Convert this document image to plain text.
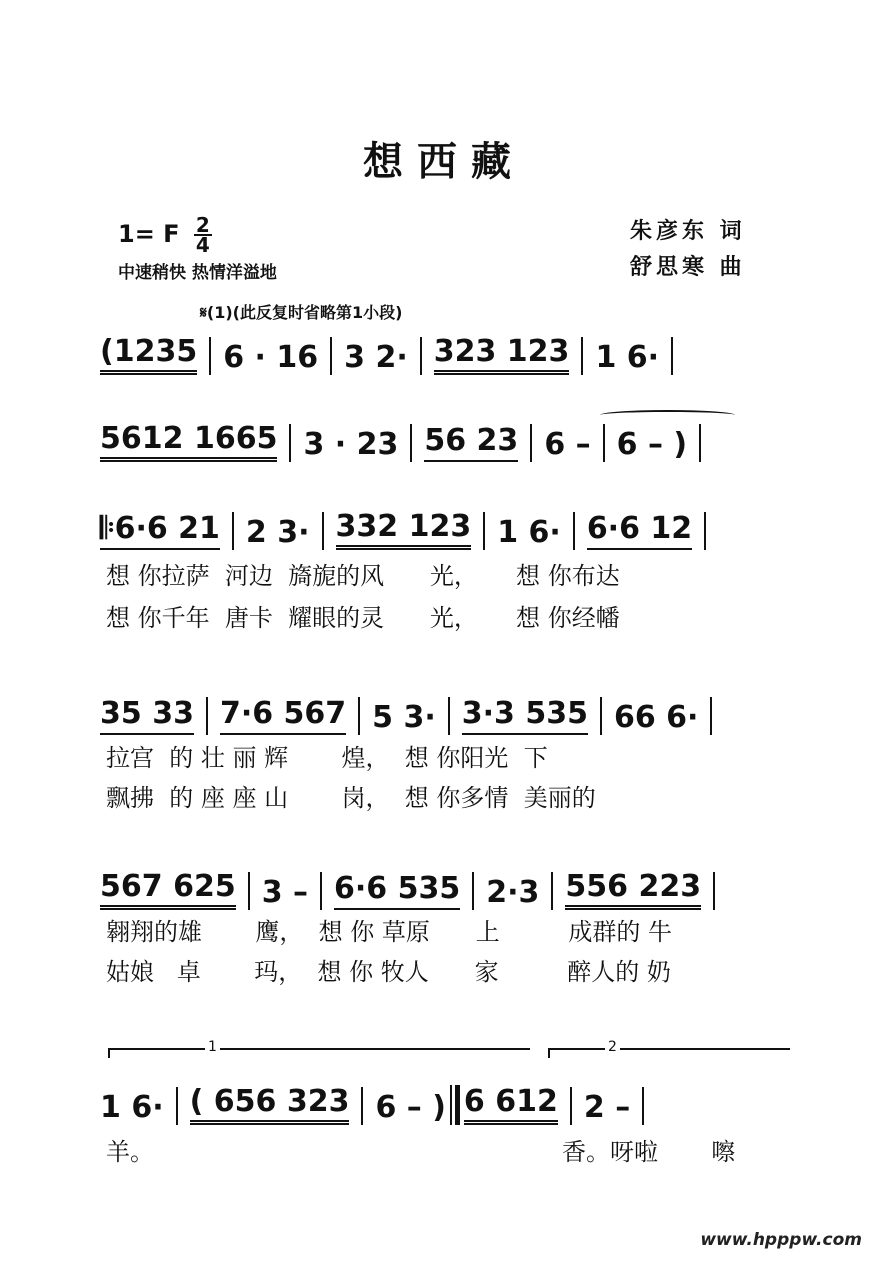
想西藏
1= F $\frac{2}{4}$
中速稍快 热情洋溢地
朱彦东 词
舒思寒 曲
𝄋(1)(此反复时省略第1小段)
(1235 6 · 16 3 2· 323 123 1 6·
5612 1665 3 · 23 56 23 6 – 6 – )
𝄆6·6 21 2 3· 332 123 1 6· 6·6 12
想 你拉萨  河边  旖旎的风      光，     想 你布达
想 你千年  唐卡  耀眼的灵      光，     想 你经幡
35 33 7·6 567 5 3· 3·3 535 66 6·
拉宫  的 壮 丽 辉       煌，  想 你阳光  下
飘拂  的 座 座 山       岗，  想 你多情  美丽的
567 625 3 – 6·6 535 2·3 556 223
翱翔的雄       鹰，  想 你 草原      上         成群的 牛
姑娘   卓       玛，  想 你 牧人      家         醉人的 奶
1	2
1 6· ( 656 323 6 – ) 6 612 2 –
羊。	香。呀啦       嚓
www.hpppw.com
